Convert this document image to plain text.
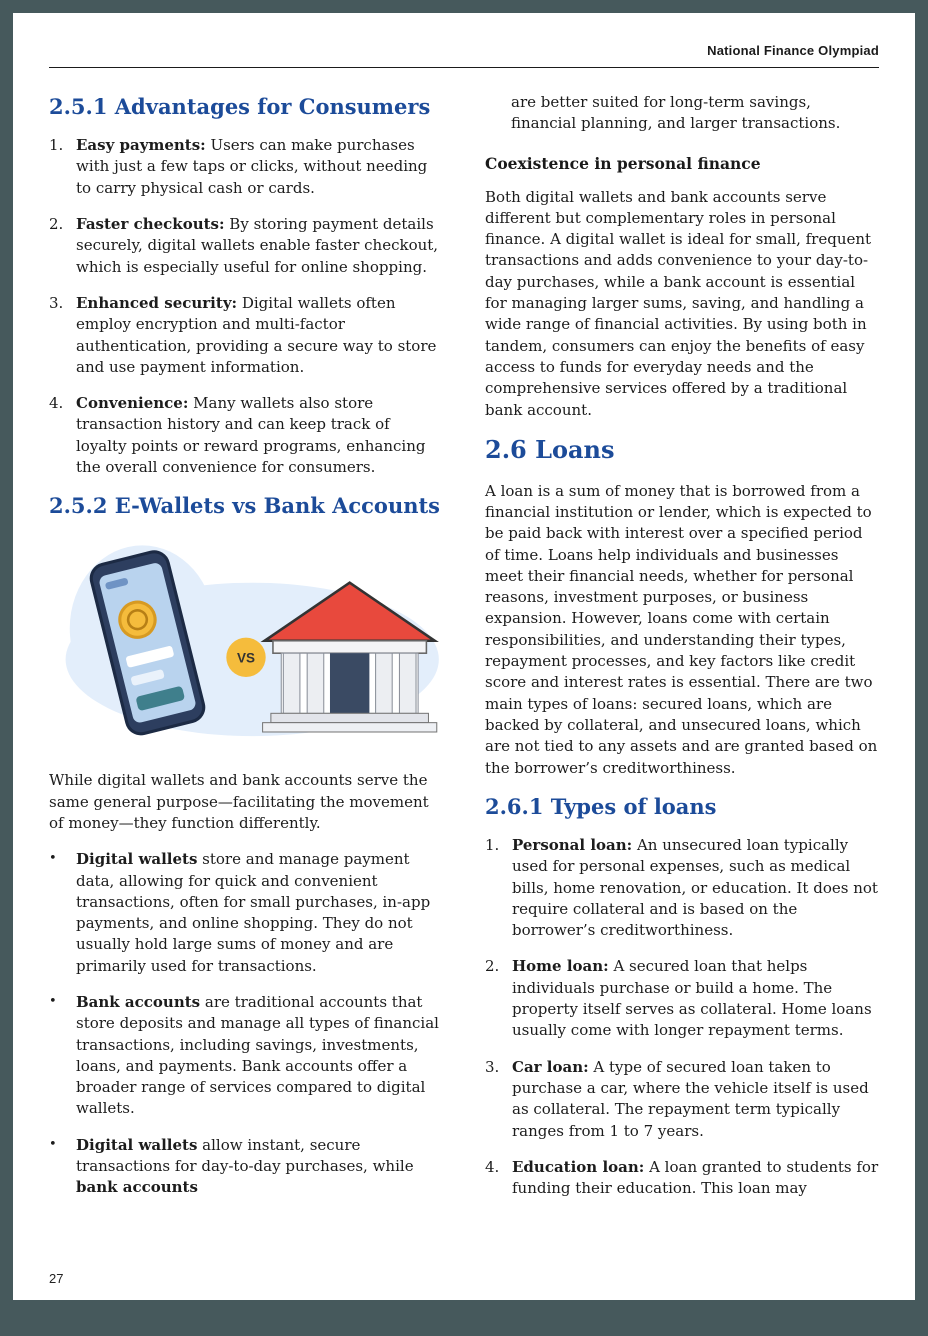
National Finance Olympiad
2.5.1 Advantages for Consumers
1. Easy payments: Users can make purchases with just a few taps or clicks, without needing to carry physical cash or cards.
2. Faster checkouts: By storing payment details securely, digital wallets enable faster checkout, which is especially useful for online shopping.
3. Enhanced security: Digital wallets often employ encryption and multi-factor authentication, providing a secure way to store and use payment information.
4. Convenience: Many wallets also store transaction history and can keep track of loyalty points or reward programs, enhancing the overall convenience for consumers.
2.5.2 E-Wallets vs Bank Accounts
VS

While digital wallets and bank accounts serve the same general purpose—facilitating the movement of money—they function differently.

•	Digital wallets store and manage payment data, allowing for quick and convenient transactions, often for small purchases, in-app payments, and online shopping. They do not usually hold large sums of money and are primarily used for transactions.
•	Bank accounts are traditional accounts that store deposits and manage all types of financial transactions, including savings, investments, loans, and payments. Bank accounts offer a broader range of services compared to digital wallets.
•	Digital wallets allow instant, secure transactions for day-to-day purchases, while bank accounts

are better suited for long-term savings, financial planning, and larger transactions.

Coexistence in personal finance

Both digital wallets and bank accounts serve different but complementary roles in personal finance. A digital wallet is ideal for small, frequent transactions and adds convenience to your day-to-day purchases, while a bank account is essential for managing larger sums, saving, and handling a wide range of financial activities. By using both in tandem, consumers can enjoy the benefits of easy access to funds for everyday needs and the comprehensive services offered by a traditional bank account.

2.6 Loans

A loan is a sum of money that is borrowed from a financial institution or lender, which is expected to be paid back with interest over a specified period of time. Loans help individuals and businesses meet their financial needs, whether for personal reasons, investment purposes, or business expansion. However, loans come with certain responsibilities, and understanding their types, repayment processes, and key factors like credit score and interest rates is essential. There are two main types of loans: secured loans, which are backed by collateral, and unsecured loans, which are not tied to any assets and are granted based on the borrower’s creditworthiness.

2.6.1 Types of loans
1. Personal loan: An unsecured loan typically used for personal expenses, such as medical bills, home renovation, or education. It does not require collateral and is based on the borrower’s creditworthiness.
2. Home loan: A secured loan that helps individuals purchase or build a home. The property itself serves as collateral. Home loans usually come with longer repayment terms.
3. Car loan: A type of secured loan taken to purchase a car, where the vehicle itself is used as collateral. The repayment term typically ranges from 1 to 7 years.
4. Education loan: A loan granted to students for funding their education. This loan may
27
